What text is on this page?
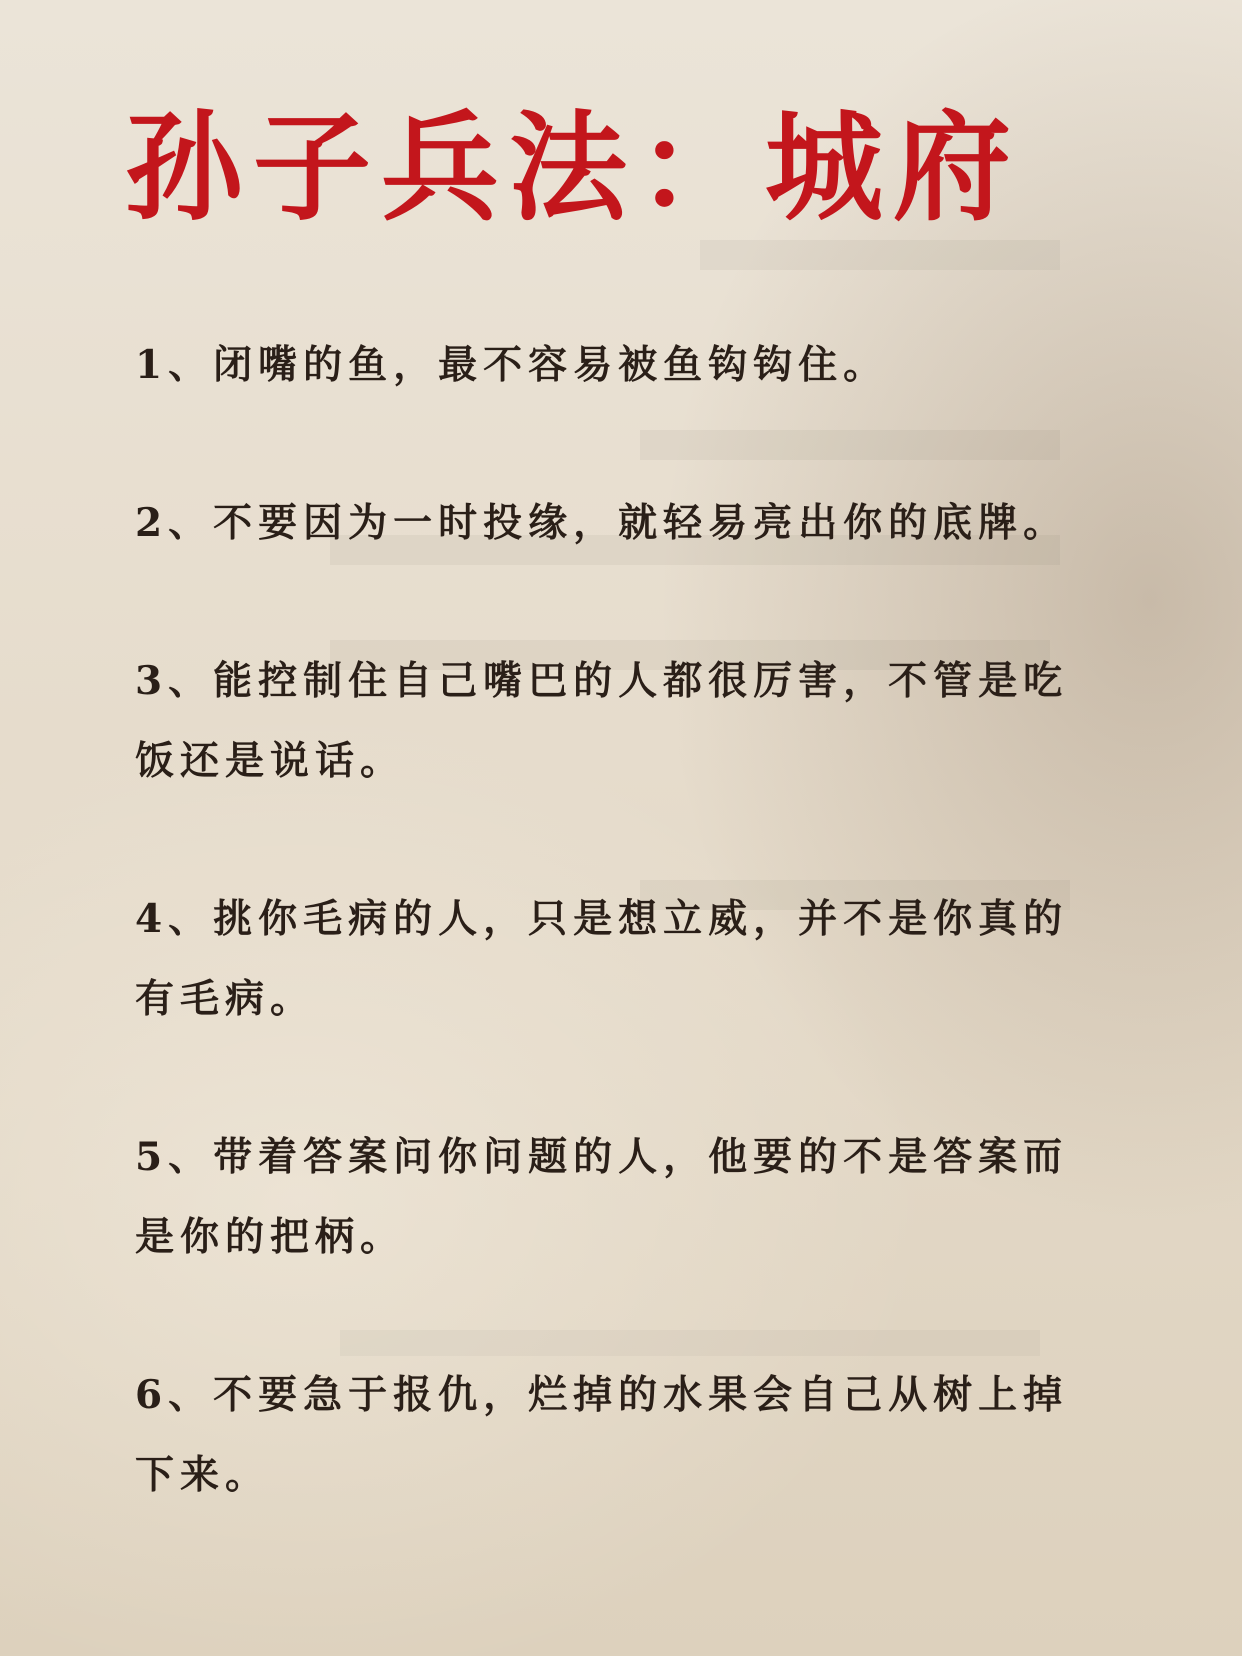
孙子兵法：城府
1、闭嘴的鱼，最不容易被鱼钩钩住。
2、不要因为一时投缘，就轻易亮出你的底牌。
3、能控制住自己嘴巴的人都很厉害，不管是吃饭还是说话。
4、挑你毛病的人，只是想立威，并不是你真的有毛病。
5、带着答案问你问题的人，他要的不是答案而是你的把柄。
6、不要急于报仇，烂掉的水果会自己从树上掉下来。
